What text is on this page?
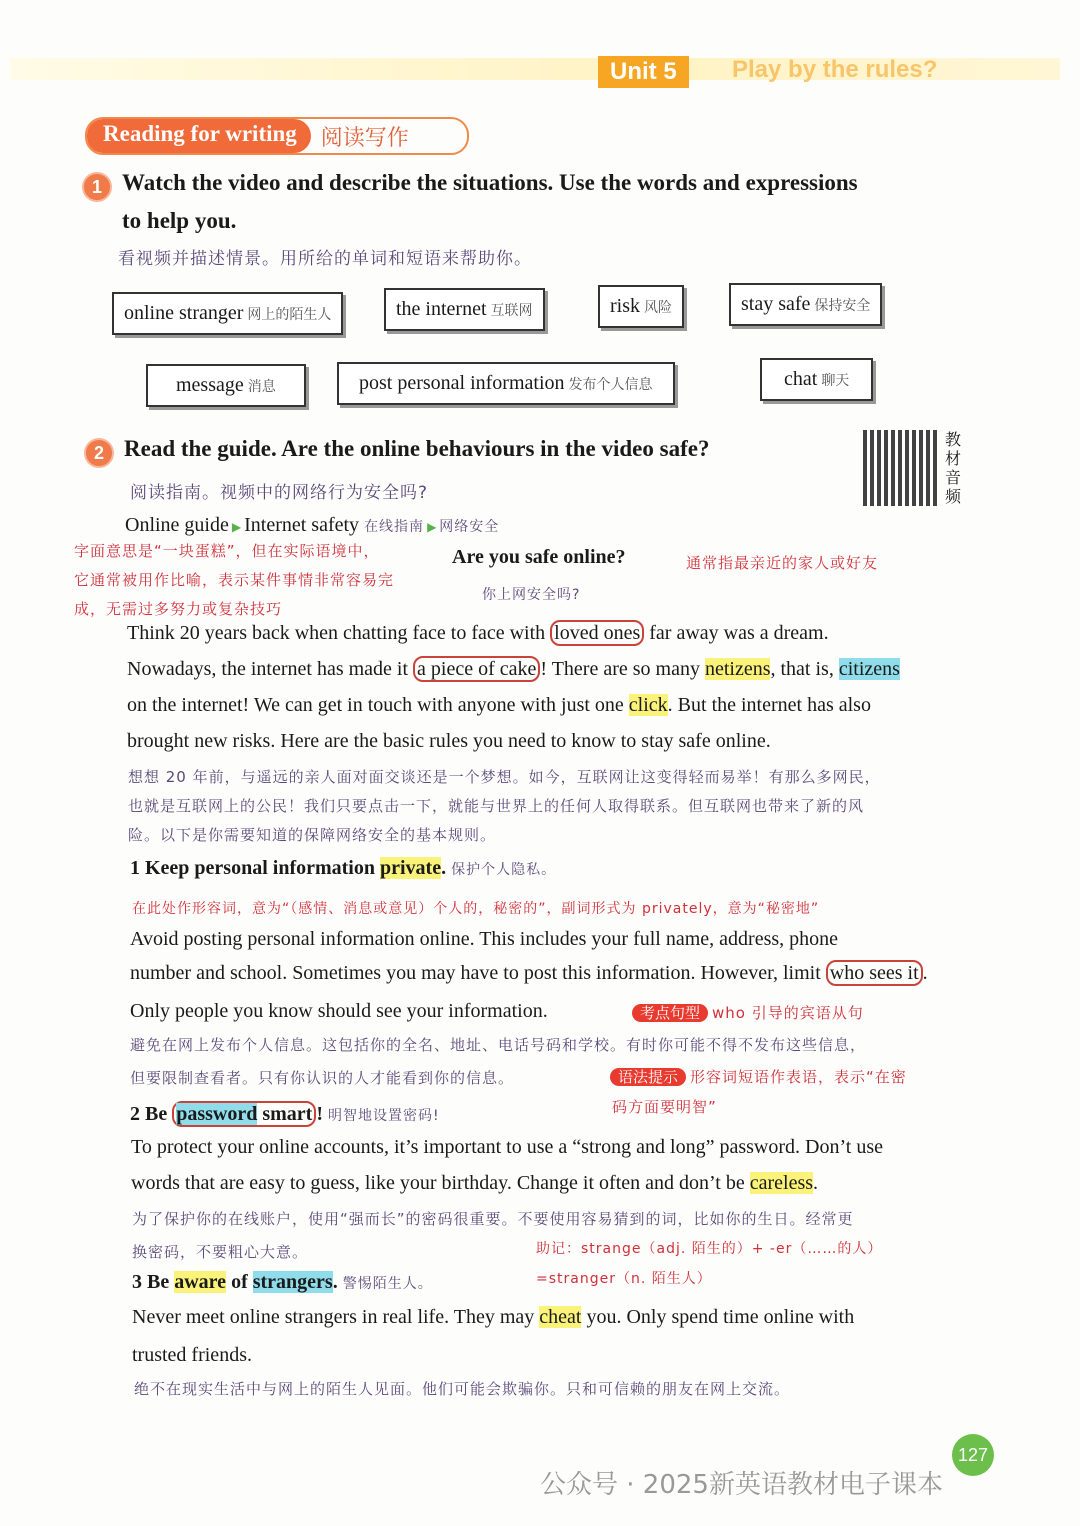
Unit 5	Play by the rules?
Reading for writing	阅读写作
1 Watch the video and describe the situations. Use the words and expressions
to help you.
看视频并描述情景。用所给的单词和短语来帮助你。
online stranger 网上的陌生人	the internet 互联网	risk 风险	stay safe 保持安全
message 消息	post personal information 发布个人信息	chat 聊天
2 Read the guide. Are the online behaviours in the video safe?
阅读指南。视频中的网络行为安全吗?
教材音频
Online guide ▶ Internet safety 在线指南 ▶ 网络安全
字面意思是“一块蛋糕”，但在实际语境中，
它通常被用作比喻，表示某件事情非常容易完
成，无需过多努力或复杂技巧
Are you safe online?
你上网安全吗?
通常指最亲近的家人或好友
Think 20 years back when chatting face to face with loved ones far away was a dream.
Nowadays, the internet has made it a piece of cake ! There are so many netizens, that is, citizens
on the internet! We can get in touch with anyone with just one click. But the internet has also
brought new risks. Here are the basic rules you need to know to stay safe online.
想想 20 年前，与遥远的亲人面对面交谈还是一个梦想。如今，互联网让这变得轻而易举！有那么多网民，
也就是互联网上的公民！我们只要点击一下，就能与世界上的任何人取得联系。但互联网也带来了新的风
险。以下是你需要知道的保障网络安全的基本规则。
1 Keep personal information private. 保护个人隐私。
在此处作形容词，意为“（感情、消息或意见）个人的，秘密的”，副词形式为 privately，意为“秘密地”
Avoid posting personal information online. This includes your full name, address, phone
number and school. Sometimes you may have to post this information. However, limit who sees it .
Only people you know should see your information.	考点句型 who 引导的宾语从句
避免在网上发布个人信息。这包括你的全名、地址、电话号码和学校。有时你可能不得不发布这些信息，
但要限制查看者。只有你认识的人才能看到你的信息。	语法提示 形容词短语作表语，表示“在密
码方面要明智”
2 Be password smart ! 明智地设置密码!
To protect your online accounts, it’s important to use a “strong and long” password. Don’t use
words that are easy to guess, like your birthday. Change it often and don’t be careless.
为了保护你的在线账户，使用“强而长”的密码很重要。不要使用容易猜到的词，比如你的生日。经常更
换密码，不要粗心大意。	助记：strange（adj. 陌生的）+ -er（……的人）
=stranger（n. 陌生人）
3 Be aware of strangers. 警惕陌生人。
Never meet online strangers in real life. They may cheat you. Only spend time online with
trusted friends.
绝不在现实生活中与网上的陌生人见面。他们可能会欺骗你。只和可信赖的朋友在网上交流。
127
公众号 · 2025新英语教材电子课本
